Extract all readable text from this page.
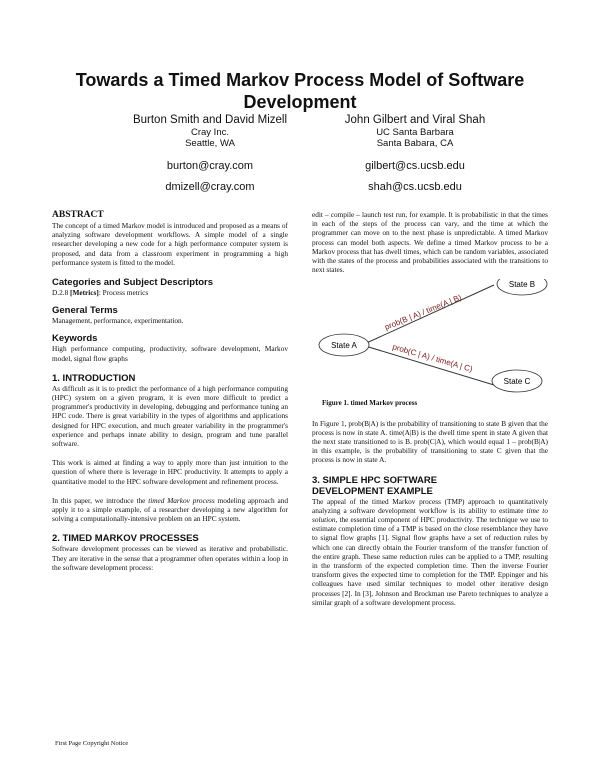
Towards a Timed Markov Process Model of Software Development
Burton Smith and David Mizell
Cray Inc.
Seattle, WA
burton@cray.com
dmizell@cray.com
John Gilbert and Viral Shah
UC Santa Barbara
Santa Babara, CA
gilbert@cs.ucsb.edu
shah@cs.ucsb.edu
ABSTRACT

The concept of a timed Markov model is introduced and proposed as a means of analyzing software development workflows. A simple model of a single researcher developing a new code for a high performance computer system is proposed, and data from a classroom experiment in programming a high performance system is fitted to the model.

Categories and Subject Descriptors

D.2.8 [Metrics]: Process metrics

General Terms

Management, performance, experimentation.

Keywords

High performance computing, productivity, software development, Markov model, signal flow graphs

1. INTRODUCTION

As difficult as it is to predict the performance of a high performance computing (HPC) system on a given program, it is even more difficult to predict a programmer's productivity in developing, debugging and performance tuning an HPC code. There is great variability in the types of algorithms and applications designed for HPC execution, and much greater variability in the programmer's experience and perhaps innate ability to design, program and tune parallel software.

This work is aimed at finding a way to apply more than just intuition to the question of where there is leverage in HPC productivity. It attempts to apply a quantitative model to the HPC software development and refinement process.

In this paper, we introduce the timed Markov process modeling approach and apply it to a simple example, of a researcher developing a new algorithm for solving a computationally-intensive problem on an HPC system.

2. TIMED MARKOV PROCESSES

Software development processes can be viewed as iterative and probabilistic. They are iterative in the sense that a programmer often operates within a loop in the software development process:

edit – compile – launch test run, for example. It is probabilistic in that the times in each of the steps of the process can vary, and the time at which the programmer can move on to the next phase is unpredictable. A timed Markov process can model both aspects. We define a timed Markov process to be a Markov process that has dwell times, which can be random variables, associated with the states of the process and probabilities associated with the transitions to next states.

State A
State B
State C
prob(B | A) / time(A | B)
prob(C | A) / time(A | C)
Figure 1. timed Markov process

In Figure 1, prob(B|A) is the probability of transitioning to state B given that the process is now in state A. time(A|B) is the dwell time spent in state A given that the next state transitioned to is B. prob(C|A), which would equal 1 – prob(B|A) in this example, is the probability of transitioning to state C given that the process is now in state A.

3. SIMPLE HPC SOFTWARE
DEVELOPMENT EXAMPLE

The appeal of the timed Markov process (TMP) approach to quantitatively analyzing a software development workflow is its ability to estimate time to solution, the essential component of HPC productivity. The technique we use to estimate completion time of a TMP is based on the close resemblance they have to signal flow graphs [1]. Signal flow graphs have a set of reduction rules by which one can directly obtain the Fourier transform of the transfer function of the entire graph. These same reduction rules can be applied to a TMP, resulting in the transform of the expected completion time. Then the inverse Fourier transform gives the expected time to completion for the TMP. Eppinger and his colleagues have used similar techniques to model other iterative design processes [2]. In [3], Johnson and Brockman use Pareto techniques to analyze a similar graph of a software development process.

First Page Copyright Notice
